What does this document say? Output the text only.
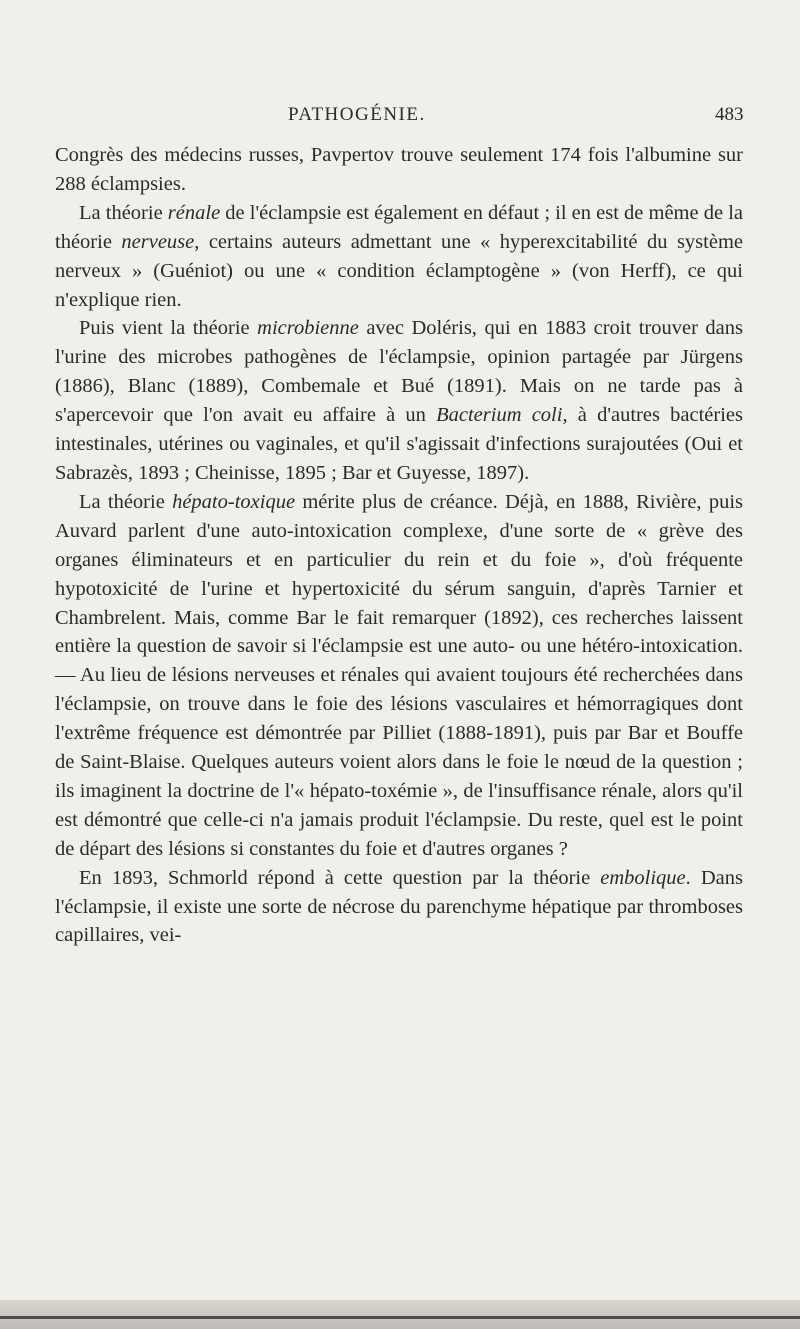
PATHOGÉNIE.	483

Congrès des médecins russes, Pavpertov trouve seulement 174 fois l'albumine sur 288 éclampsies.

La théorie rénale de l'éclampsie est également en défaut ; il en est de même de la théorie nerveuse, certains auteurs admettant une « hyperexcitabilité du système nerveux » (Guéniot) ou une « condition éclamptogène » (von Herff), ce qui n'explique rien.

Puis vient la théorie microbienne avec Doléris, qui en 1883 croit trouver dans l'urine des microbes pathogènes de l'éclampsie, opinion partagée par Jürgens (1886), Blanc (1889), Combemale et Bué (1891). Mais on ne tarde pas à s'apercevoir que l'on avait eu affaire à un Bacterium coli, à d'autres bactéries intestinales, utérines ou vaginales, et qu'il s'agissait d'infections surajoutées (Oui et Sabrazès, 1893 ; Cheinisse, 1895 ; Bar et Guyesse, 1897).

La théorie hépato-toxique mérite plus de créance. Déjà, en 1888, Rivière, puis Auvard parlent d'une auto-intoxication complexe, d'une sorte de « grève des organes éliminateurs et en particulier du rein et du foie », d'où fréquente hypotoxicité de l'urine et hypertoxicité du sérum sanguin, d'après Tarnier et Chambrelent. Mais, comme Bar le fait remarquer (1892), ces recherches laissent entière la question de savoir si l'éclampsie est une auto- ou une hétéro-intoxication. — Au lieu de lésions nerveuses et rénales qui avaient toujours été recherchées dans l'éclampsie, on trouve dans le foie des lésions vasculaires et hémorragiques dont l'extrême fréquence est démontrée par Pilliet (1888-1891), puis par Bar et Bouffe de Saint-Blaise. Quelques auteurs voient alors dans le foie le nœud de la question ; ils imaginent la doctrine de l'« hépato-toxémie », de l'insuffisance rénale, alors qu'il est démontré que celle-ci n'a jamais produit l'éclampsie. Du reste, quel est le point de départ des lésions si constantes du foie et d'autres organes ?

En 1893, Schmorld répond à cette question par la théorie embolique. Dans l'éclampsie, il existe une sorte de nécrose du parenchyme hépatique par thromboses capillaires, vei-
